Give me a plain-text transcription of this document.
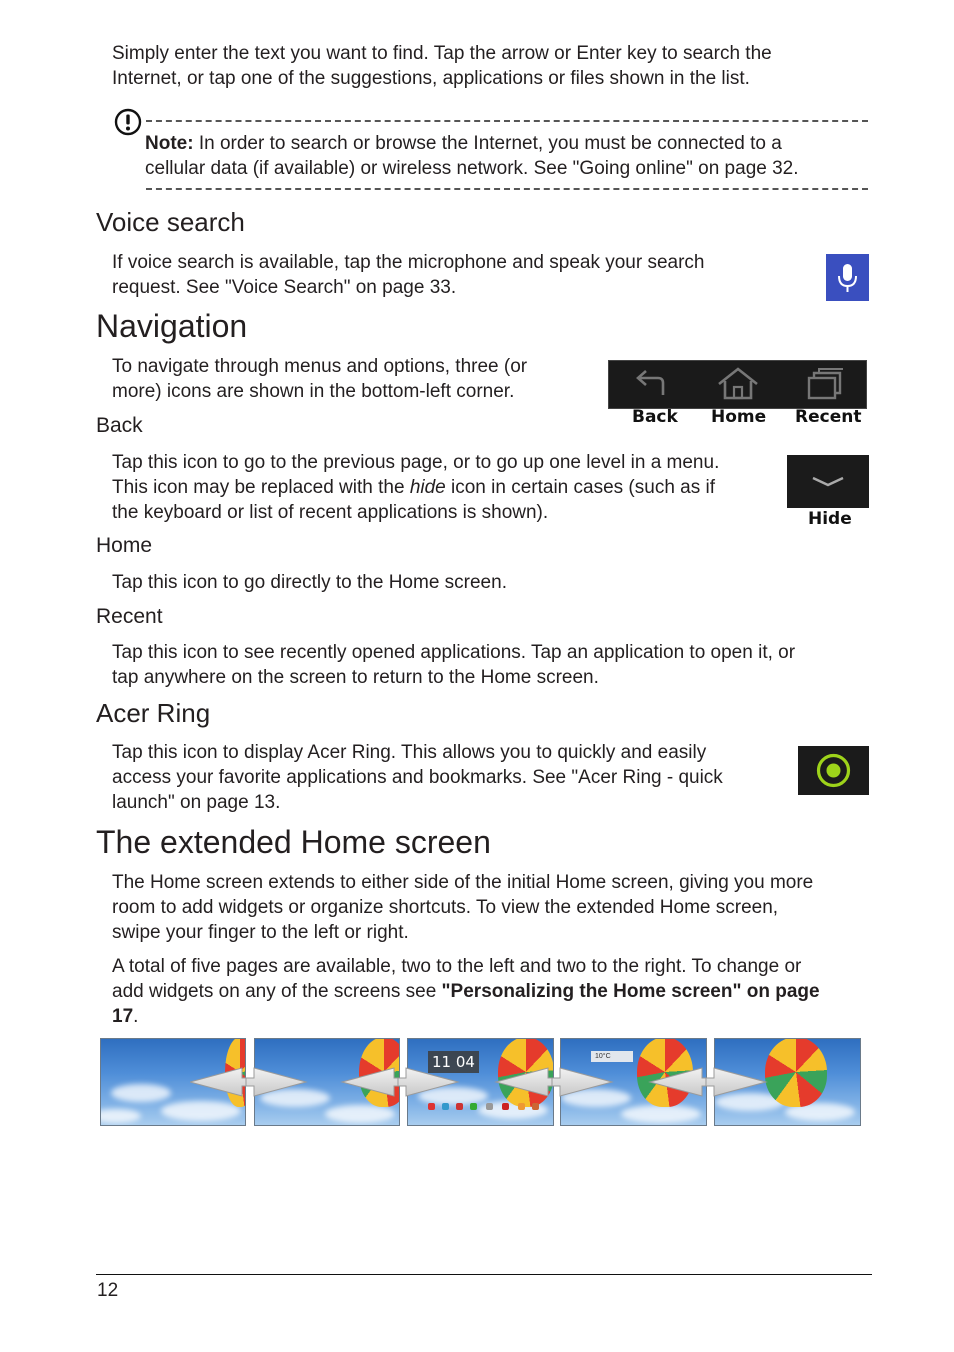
Simply enter the text you want to find. Tap the arrow or Enter key to search the
Internet, or tap one of the suggestions, applications or files shown in the list.
Note: In order to search or browse the Internet, you must be connected to a
cellular data (if available) or wireless network. See "Going online" on page 32.
Voice search
If voice search is available, tap the microphone and speak your search
request. See "Voice Search" on page 33.
Navigation
To navigate through menus and options, three (or
more) icons are shown in the bottom-left corner.
Back Home Recent
Back
Tap this icon to go to the previous page, or to go up one level in a menu.
This icon may be replaced with the hide icon in certain cases (such as if
the keyboard or list of recent applications is shown).	Hide
Home
Tap this icon to go directly to the Home screen.
Recent
Tap this icon to see recently opened applications. Tap an application to open it, or
tap anywhere on the screen to return to the Home screen.
Acer Ring
Tap this icon to display Acer Ring. This allows you to quickly and easily
access your favorite applications and bookmarks. See "Acer Ring - quick
launch" on page 13.
The extended Home screen
The Home screen extends to either side of the initial Home screen, giving you more
room to add widgets or organize shortcuts. To view the extended Home screen,
swipe your finger to the left or right.
A total of five pages are available, two to the left and two to the right. To change or
add widgets on any of the screens see "Personalizing the Home screen" on page
17.
11 04	10°C
12
